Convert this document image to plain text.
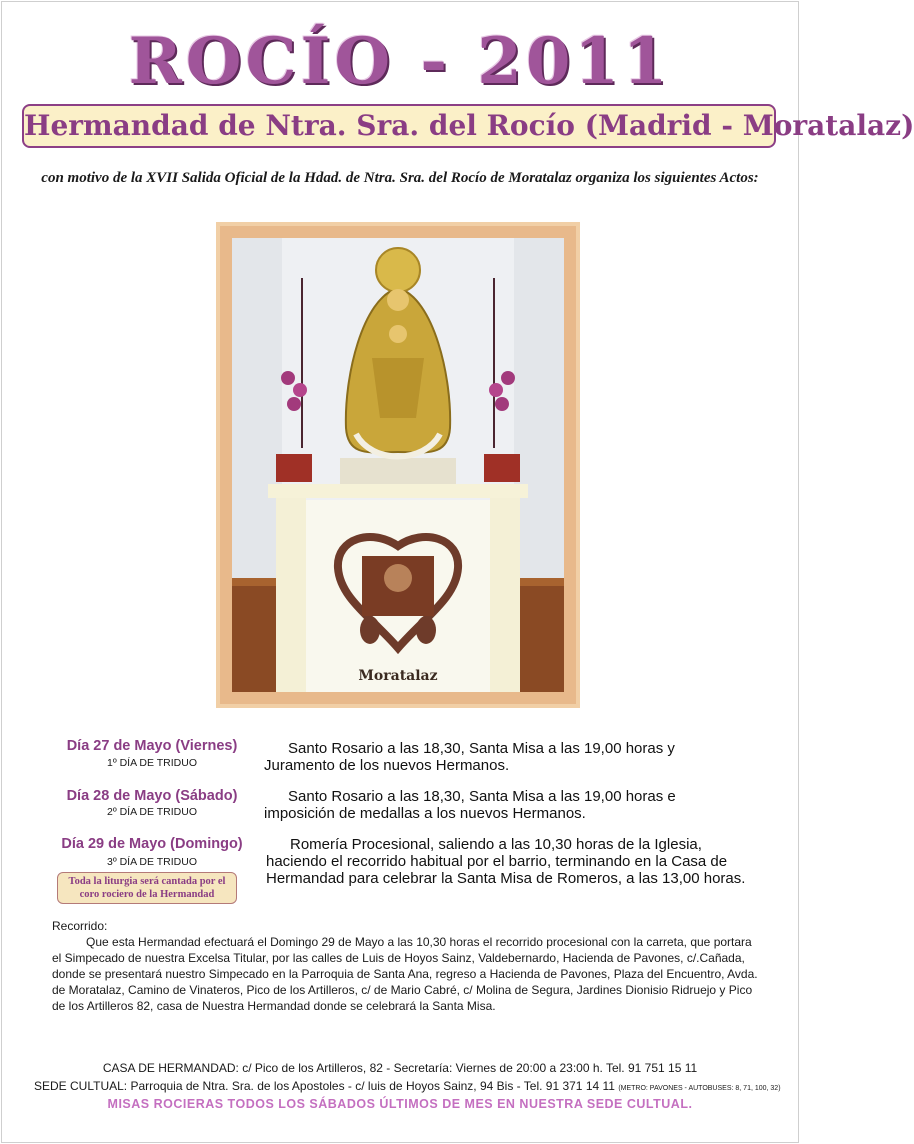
ROCÍO - 2011
Hermandad de Ntra. Sra. del Rocío (Madrid - Moratalaz)
con motivo de la XVII Salida Oficial de la Hdad. de Ntra. Sra. del Rocío de Moratalaz organiza los siguientes Actos:
Moratalaz
Día 27 de Mayo (Viernes)
1º DÍA DE TRIDUO
Santo Rosario a las 18,30, Santa Misa a las 19,00 horas y Juramento de los nuevos Hermanos.
Día 28 de Mayo (Sábado)
2º DÍA DE TRIDUO
Santo Rosario a las 18,30, Santa Misa a las 19,00 horas e imposición de medallas a los nuevos Hermanos.
Día 29 de Mayo (Domingo)
3º DÍA DE TRIDUO
Romería Procesional, saliendo a las 10,30 horas de la Iglesia, haciendo el recorrido habitual por el barrio, terminando en la Casa de Hermandad para celebrar la Santa Misa de Romeros, a las 13,00 horas.
Toda la liturgia será cantada por el coro rociero de la Hermandad
Recorrido:
Que esta Hermandad efectuará el Domingo 29 de Mayo a las 10,30 horas el recorrido procesional con la carreta, que portara el Simpecado de nuestra Excelsa Titular, por las calles de Luis de Hoyos Sainz, Valdebernardo, Hacienda de Pavones, c/.Cañada, donde se presentará nuestro Simpecado en la Parroquia de Santa Ana, regreso a Hacienda de Pavones, Plaza del Encuentro, Avda. de Moratalaz, Camino de Vinateros, Pico de los Artilleros, c/ de Mario Cabré, c/ Molina de Segura, Jardines Dionisio Ridruejo y Pico de los Artilleros 82, casa de Nuestra Hermandad donde se celebrará la Santa Misa.
CASA DE HERMANDAD: c/ Pico de los Artilleros, 82 - Secretaría: Viernes de 20:00 a 23:00 h. Tel. 91 751 15 11
SEDE CULTUAL: Parroquia de Ntra. Sra. de los Apostoles - c/ luis de Hoyos Sainz, 94 Bis - Tel. 91 371 14 11 (METRO: PAVONES - AUTOBUSES: 8, 71, 100, 32)
MISAS ROCIERAS TODOS LOS SÁBADOS ÚLTIMOS DE MES EN NUESTRA SEDE CULTUAL.
